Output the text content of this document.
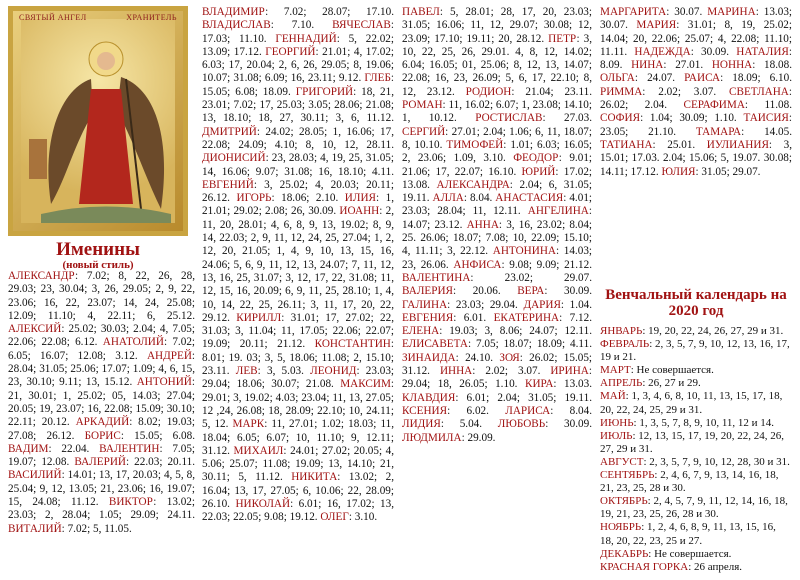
СВЯТЫЙ АНГЕЛ	ХРАНИТЕЛЬ
Именины
(новый стиль)
АЛЕКСАНДР: 7.02; 8, 22, 26, 28, 29.03; 23, 30.04; 3, 26, 29.05; 2, 9, 22, 23.06; 16, 22, 23.07; 14, 24, 25.08; 12.09; 11.10; 4, 22.11; 6, 25.12. АЛЕКСИЙ: 25.02; 30.03; 2.04; 4, 7.05; 22.06; 22.08; 6.12. АНАТОЛИЙ: 7.02; 6.05; 16.07; 12.08; 3.12. АНДРЕЙ: 28.04; 31.05; 25.06; 17.07; 1.09; 4, 6, 15, 23, 30.10; 9.11; 13, 15.12. АНТОНИЙ: 21, 30.01; 1, 25.02; 05, 14.03; 27.04; 20.05; 19, 23.07; 16, 22.08; 15.09; 30.10; 22.11; 20.12. АРКАДИЙ: 8.02; 19.03; 27.08; 26.12. БОРИС: 15.05; 6.08. ВАДИМ: 22.04. ВАЛЕНТИН: 7.05; 19.07; 12.08. ВАЛЕРИЙ: 22.03; 20.11. ВАСИЛИЙ: 14.01; 13, 17, 20.03; 4, 5, 8, 25.04; 9, 12, 13.05; 21, 23.06; 16, 19.07; 15, 24.08; 11.12. ВИКТОР: 13.02; 23.03; 2, 28.04; 1.05; 29.09; 24.11. ВИТАЛИЙ: 7.02; 5, 11.05.
ВЛАДИМИР: 7.02; 28.07; 17.10. ВЛАДИСЛАВ: 7.10. ВЯЧЕСЛАВ: 17.03; 11.10. ГЕННАДИЙ: 5, 22.02; 13.09; 17.12. ГЕОРГИЙ: 21.01; 4, 17.02; 6.03; 17, 20.04; 2, 6, 26, 29.05; 8, 19.06; 10.07; 31.08; 6.09; 16, 23.11; 9.12. ГЛЕБ: 15.05; 6.08; 18.09. ГРИГОРИЙ: 18, 21, 23.01; 7.02; 17, 25.03; 3.05; 28.06; 21.08; 13, 18.10; 18, 27, 30.11; 3, 6, 11.12. ДМИТРИЙ: 24.02; 28.05; 1, 16.06; 17, 22.08; 24.09; 4.10; 8, 10, 12, 28.11. ДИОНИСИЙ: 23, 28.03; 4, 19, 25, 31.05; 14, 16.06; 9.07; 31.08; 16, 18.10; 4.11. ЕВГЕНИЙ: 3, 25.02; 4, 20.03; 20.11; 26.12. ИГОРЬ: 18.06; 2.10. ИЛИЯ: 1, 21.01; 29.02; 2.08; 26, 30.09. ИОАНН: 2, 11, 20, 28.01; 4, 6, 8, 9, 13, 19.02; 8, 9, 14, 22.03; 2, 9, 11, 12, 24, 25, 27.04; 1, 2, 12, 20, 21.05; 1, 4, 9, 10, 13, 15, 16, 24.06; 5, 6, 9, 11, 12, 13, 24.07; 7, 11, 12, 13, 16, 25, 31.07; 3, 12, 17, 22, 31.08; 11, 12, 15, 16, 20.09; 6, 9, 11, 25, 28.10; 1, 4, 10, 14, 22, 25, 26.11; 3, 11, 17, 20, 22, 29.12. КИРИЛЛ: 31.01; 17, 27.02; 22, 31.03; 3, 11.04; 11, 17.05; 22.06; 22.07; 19.09; 20.11; 21.12. КОНСТАНТИН: 8.01; 19. 03; 3, 5, 18.06; 11.08; 2, 15.10; 23.11. ЛЕВ: 3, 5.03. ЛЕОНИД: 23.03; 29.04; 18.06; 30.07; 21.08. МАКСИМ: 29.01; 3, 19.02; 4.03; 23.04; 11, 13, 27.05; 12 ,24, 26.08; 18, 28.09; 22.10; 10, 24.11; 5, 12. МАРК: 11, 27.01; 1.02; 18.03; 11, 18.04; 6.05; 6.07; 10, 11.10; 9, 12.11; 31.12. МИХАИЛ: 24.01; 27.02; 20.05; 4, 5.06; 25.07; 11.08; 19.09; 13, 14.10; 21, 30.11; 5, 11.12. НИКИТА: 13.02; 2, 16.04; 13, 17, 27.05; 6, 10.06; 22, 28.09; 26.10. НИКОЛАЙ: 6.01; 16, 17.02; 13, 22.03; 22.05; 9.08; 19.12. ОЛЕГ: 3.10.
ПАВЕЛ: 5, 28.01; 28, 17, 20, 23.03; 31.05; 16.06; 11, 12, 29.07; 30.08; 12, 23.09; 17.10; 19.11; 20, 28.12. ПЕТР: 3, 10, 22, 25, 26, 29.01. 4, 8, 12, 14.02; 6.04; 16.05; 01, 25.06; 8, 12, 13, 14.07; 22.08; 16, 23, 26.09; 5, 6, 17, 22.10; 8, 12, 23.12. РОДИОН: 21.04; 23.11. РОМАН: 11, 16.02; 6.07; 1, 23.08; 14.10; 1, 10.12. РОСТИСЛАВ: 27.03. СЕРГИЙ: 27.01; 2.04; 1.06; 6, 11, 18.07; 8, 10.10. ТИМОФЕЙ: 1.01; 6.03; 16.05; 2, 23.06; 1.09, 3.10. ФЕОДОР: 9.01; 21.06; 17, 22.07; 16.10. ЮРИЙ: 17.02; 13.08. АЛЕКСАНДРА: 2.04; 6, 31.05; 19.11. АЛЛА: 8.04. АНАСТАСИЯ: 4.01; 23.03; 28.04; 11, 12.11. АНГЕЛИНА: 14.07; 23.12. АННА: 3, 16, 23.02; 8.04; 25. 26.06; 18.07; 7.08; 10, 22.09; 15.10; 4, 11.11; 3, 22.12. АНТОНИНА: 14.03; 23, 26.06. АНФИСА: 9.08; 9.09; 21.12. ВАЛЕНТИНА: 23.02; 29.07. ВАЛЕРИЯ: 20.06. ВЕРА: 30.09. ГАЛИНА: 23.03; 29.04. ДАРИЯ: 1.04. ЕВГЕНИЯ: 6.01. ЕКАТЕРИНА: 7.12. ЕЛЕНА: 19.03; 3, 8.06; 24.07; 12.11. ЕЛИСАВЕТА: 7.05; 18.07; 18.09; 4.11. ЗИНАИДА: 24.10. ЗОЯ: 26.02; 15.05; 31.12. ИННА: 2.02; 3.07. ИРИНА: 29.04; 18, 26.05; 1.10. КИРА: 13.03. КЛАВДИЯ: 6.01; 2.04; 31.05; 19.11. КСЕНИЯ: 6.02. ЛАРИСА: 8.04. ЛИДИЯ: 5.04. ЛЮБОВЬ: 30.09. ЛЮДМИЛА: 29.09.
МАРГАРИТА: 30.07. МАРИНА: 13.03; 30.07. МАРИЯ: 31.01; 8, 19, 25.02; 14.04; 20, 22.06; 25.07; 4, 22.08; 11.10; 11.11. НАДЕЖДА: 30.09. НАТАЛИЯ: 8.09. НИНА: 27.01. НОННА: 18.08. ОЛЬГА: 24.07. РАИСА: 18.09; 6.10. РИММА: 2.02; 3.07. СВЕТЛАНА: 26.02; 2.04. СЕРАФИМА: 11.08. СОФИЯ: 1.04; 30.09; 1.10. ТАИСИЯ: 23.05; 21.10. ТАМАРА: 14.05. ТАТИАНА: 25.01. ИУЛИАНИЯ: 3, 15.01; 17.03. 2.04; 15.06; 5, 19.07. 30.08; 14.11; 17.12. ЮЛИЯ: 31.05; 29.07.
Венчальный календарь на 2020 год
ЯНВАРЬ: 19, 20, 22, 24, 26, 27, 29 и 31.
ФЕВРАЛЬ: 2, 3, 5, 7, 9, 10, 12, 13, 16, 17, 19 и 21.
МАРТ: Не совершается.
АПРЕЛЬ: 26, 27 и 29.
МАЙ: 1, 3, 4, 6, 8, 10, 11, 13, 15, 17, 18, 20, 22, 24, 25, 29 и 31.
ИЮНЬ: 1, 3, 5, 7, 8, 9, 10, 11, 12 и 14.
ИЮЛЬ: 12, 13, 15, 17, 19, 20, 22, 24, 26, 27, 29 и 31.
АВГУСТ: 2, 3, 5, 7, 9, 10, 12, 28, 30 и 31.
СЕНТЯБРЬ: 2, 4, 6, 7, 9, 13, 14, 16, 18, 21, 23, 25, 28 и 30.
ОКТЯБРЬ: 2, 4, 5, 7, 9, 11, 12, 14, 16, 18, 19, 21, 23, 25, 26, 28 и 30.
НОЯБРЬ: 1, 2, 4, 6, 8, 9, 11, 13, 15, 16, 18, 20, 22, 23, 25 и 27.
ДЕКАБРЬ: Не совершается.
КРАСНАЯ ГОРКА: 26 апреля.
